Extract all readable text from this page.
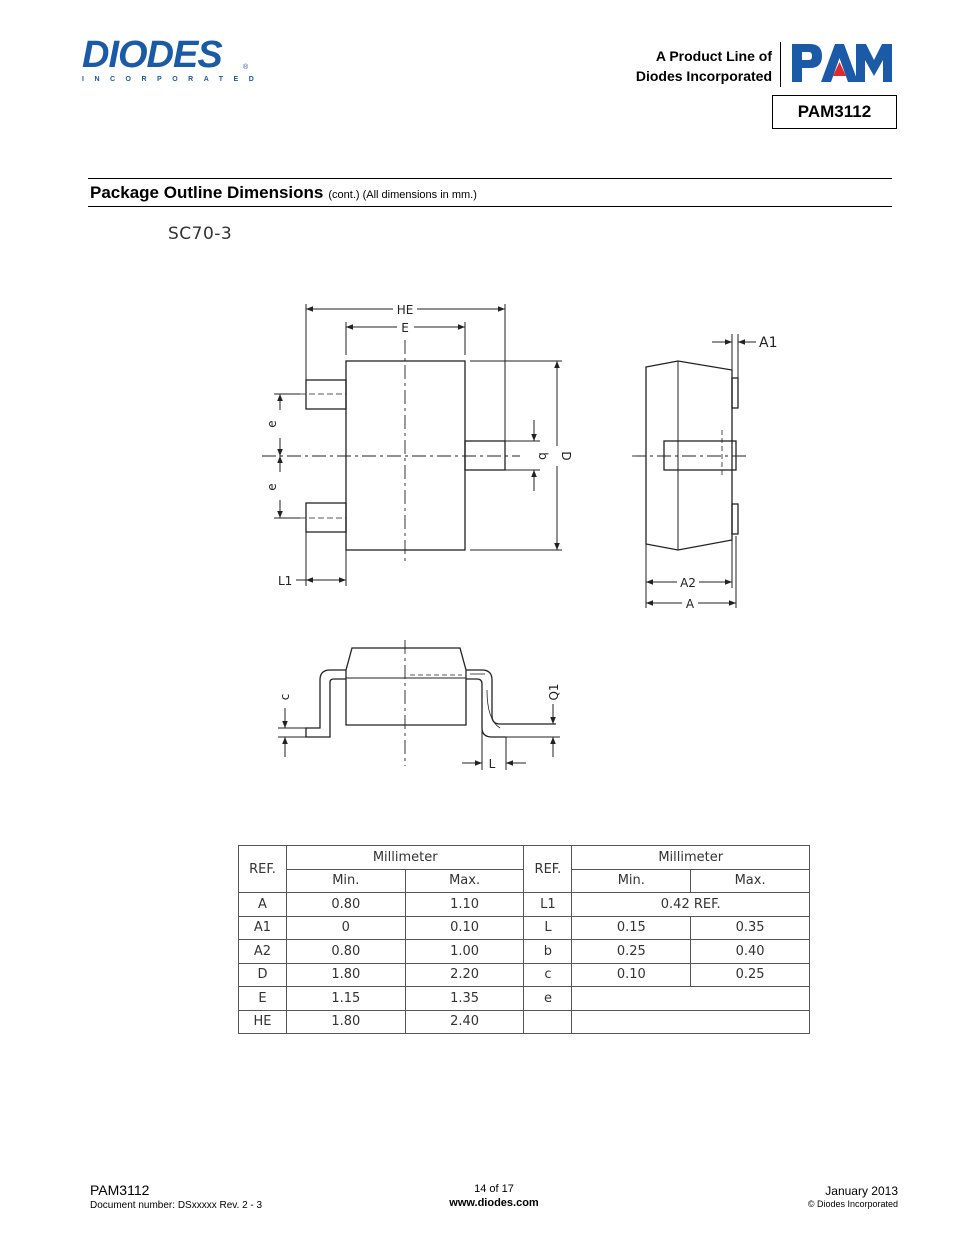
DIODES
INCORPORATED
®
A Product Line of
Diodes Incorporated
PAM3112
Package Outline Dimensions (cont.) (All dimensions in mm.)
SC70-3
HE
E
D
b
e
e
L1
A1
A2
A
c	Q1
L
REF.	Millimeter		REF.	Millimeter	
	Min.	Max.		Min.	Max.
A	0.80	1.10	L1	0.42 REF.	
A1	0	0.10	L	0.15	0.35
A2	0.80	1.00	b	0.25	0.40
D	1.80	2.20	c	0.10	0.25
E	1.15	1.35	e		
HE	1.80	2.40			
PAM3112
Document number: DSxxxxx Rev. 2 - 3
14 of 17
www.diodes.com
January 2013
© Diodes Incorporated
